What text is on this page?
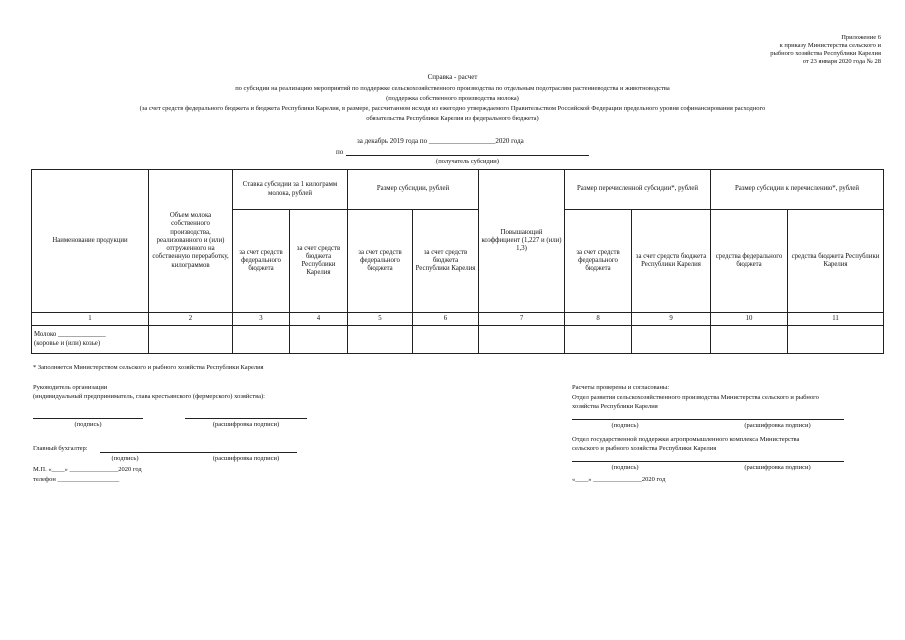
Приложение 6
к приказу Министерства сельского и
рыбного хозяйства Республики Карелия
от 23 января 2020 года № 28
Справка - расчет
по субсидии на реализацию мероприятий по поддержке сельскохозяйственного производства по отдельным подотраслям растениеводства и животноводства
(поддержка собственного производства молока)
(за счет средств федерального бюджета и бюджета Республики Карелия, в размере, рассчитанном исходя из ежегодно утверждаемого Правительством Российской Федерации предельного уровня софинансирования расходного
обязательства Республики Карелия из федерального бюджета)
за декабрь 2019 года по ___________________2020 года
по
(получатель субсидии)
Наименование продукции	Объем молока собственного производства, реализованного и (или) отгруженного на собственную переработку, килограммов	Ставка субсидии за 1 килограмм молока, рублей		Размер субсидии, рублей		Повышающий коэффициент (1,227 и (или) 1,3)	Размер перечисленной субсидии*, рублей		Размер субсидии к перечислению*, рублей	
		за счет средств федерального бюджета	за счет средств бюджета Республики Карелия	за счет средств федерального бюджета	за счет средств бюджета Республики Карелия		за счет средств федерального бюджета	за счет средств бюджета Республики Карелия	средства федерального бюджета	средства бюджета Республики Карелия
1	2	3	4	5	6	7	8	9	10	11

Молоко ______________
(коровье и (или) козье)										

* Заполняется Министерством сельского и рыбного хозяйства Республики Карелия
Руководитель организации
(индивидуальный предприниматель, глава крестьянского (фермерского) хозяйства):
(подпись)	(расшифровка подписи)
Главный бухгалтер:
(подпись)	(расшифровка подписи)
М.П. «____» _______________2020 год
телефон ___________________
Расчеты проверены и согласованы:
Отдел развития сельскохозяйственного производства Министерства сельского и рыбного
хозяйства Республики Карелия
(подпись)	(расшифровка подписи)
Отдел государственной поддержки агропромышленного комплекса Министерства
сельского и рыбного хозяйства Республики Карелия
(подпись)	(расшифровка подписи)
«____» _______________2020 год
